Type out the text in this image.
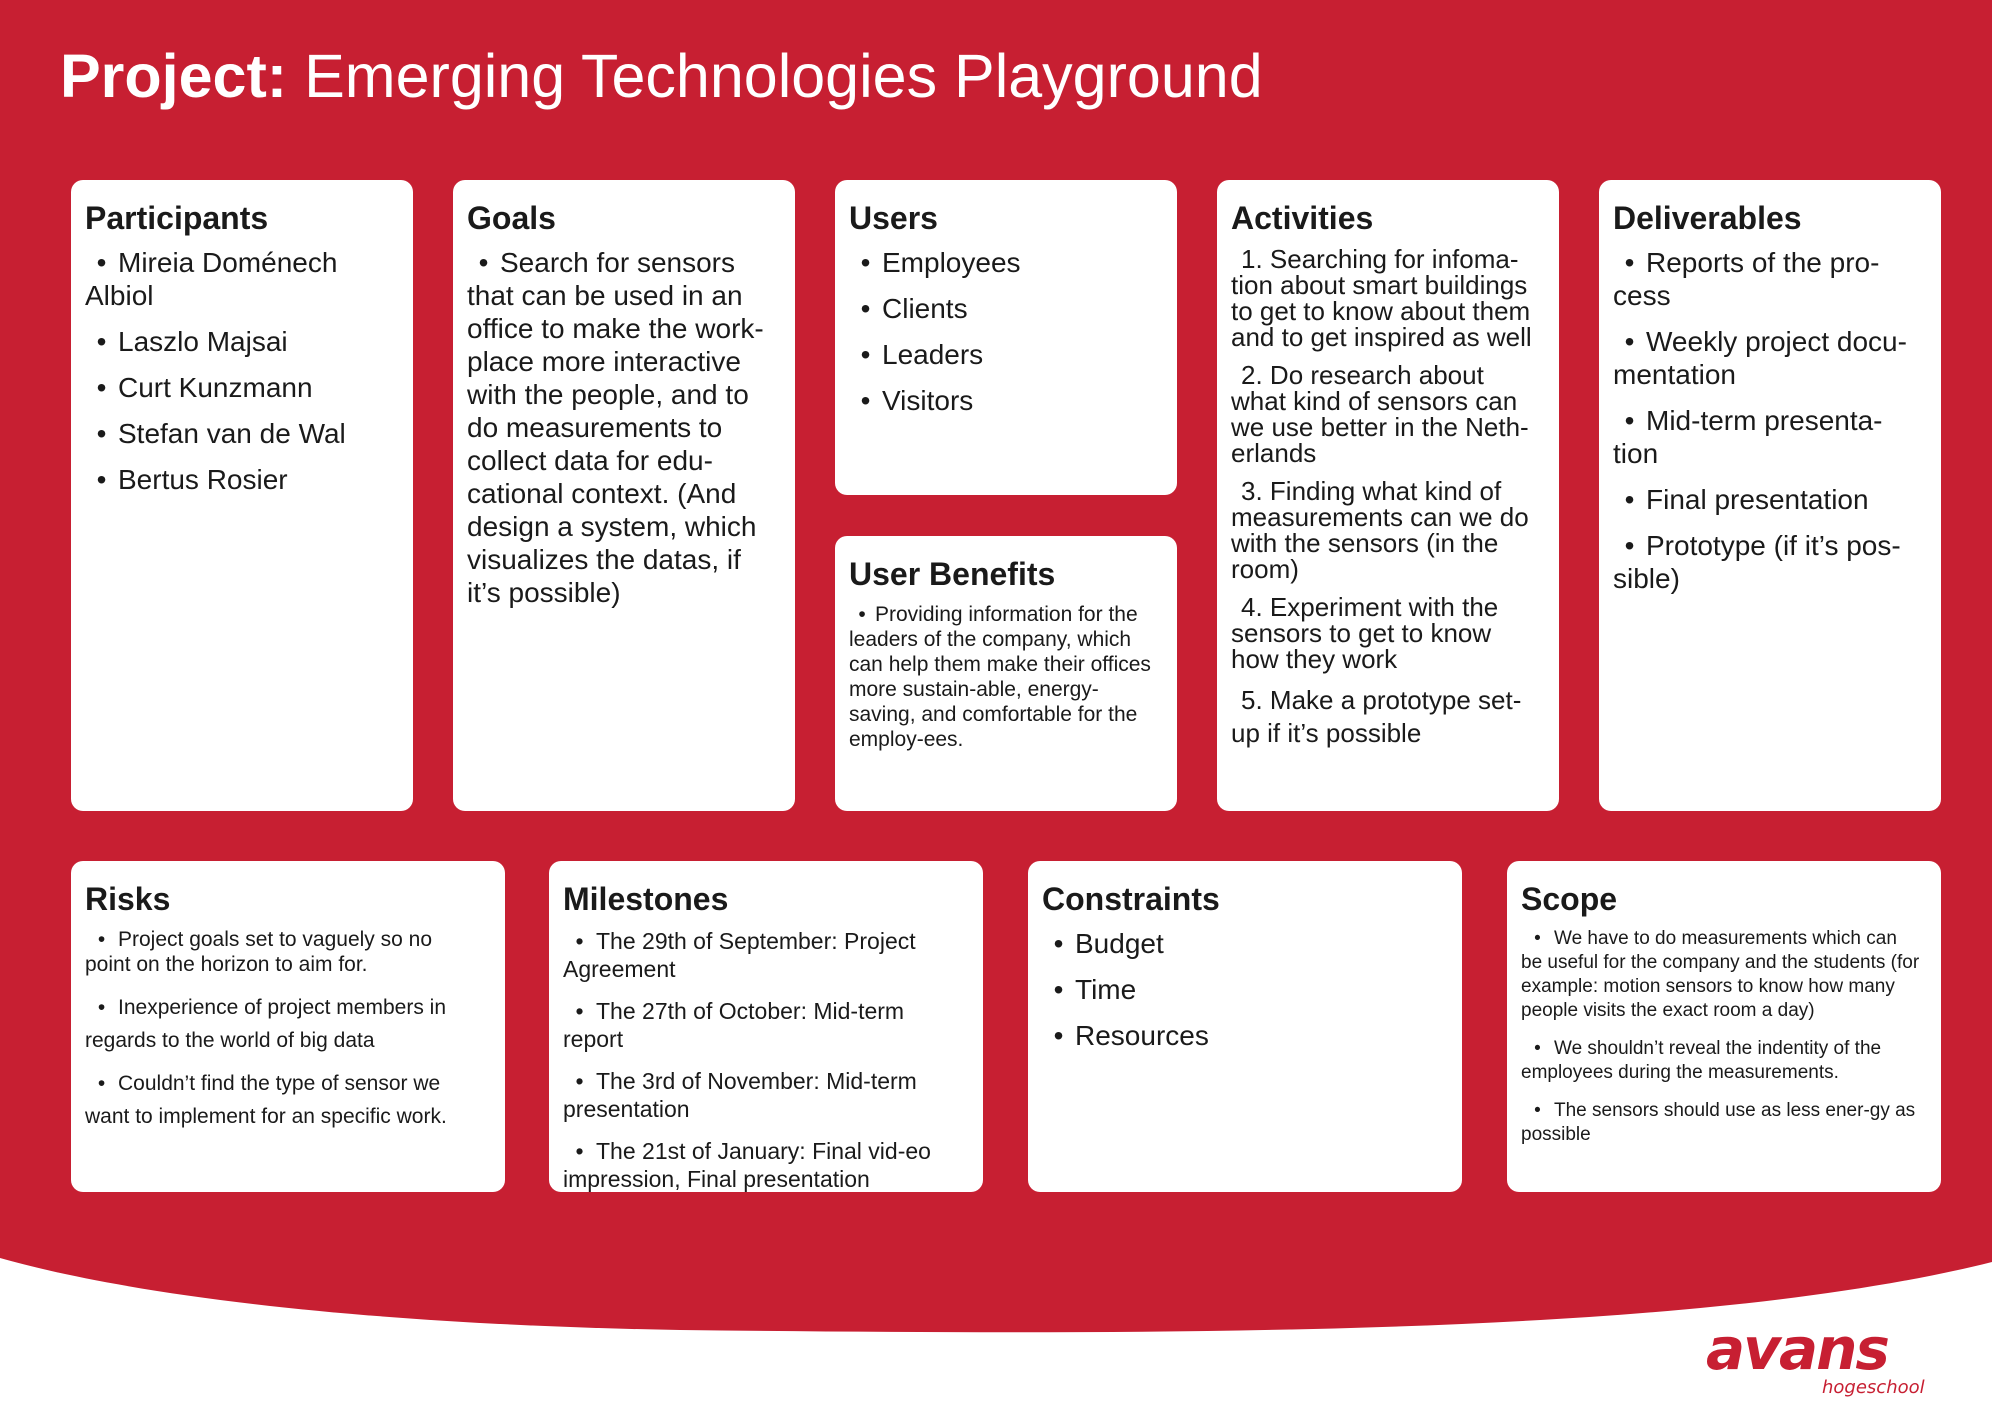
Project: Emerging Technologies Playground
Participants
• Mireia Doménech Albiol
• Laszlo Majsai
• Curt Kunzmann
• Stefan van de Wal
• Bertus Rosier
Goals
• Search for sensors that can be used in an office to make the work-place more interactive with the people, and to do measurements to collect data for edu-cational context. (And design a system, which visualizes the datas, if it’s possible)
Users
• Employees
• Clients
• Leaders
• Visitors
User Benefits
• Providing information for the leaders of the company, which can help them make their offices more sustain-able, energy-saving, and comfortable for the employ-ees.
Activities
1. Searching for infoma-tion about smart buildings to get to know about them and to get inspired as well
2. Do research about what kind of sensors can we use better in the Neth-erlands
3. Finding what kind of measurements can we do with the sensors (in the room)
4. Experiment with the sensors to get to know how they work
5. Make a prototype set-up if it’s possible
Deliverables
• Reports of the pro-cess
• Weekly project docu-mentation
• Mid-term presenta-tion
• Final presentation
• Prototype (if it’s pos-sible)
Risks
• Project goals set to vaguely so no point on the horizon to aim for.
• Inexperience of project members in regards to the world of big data
• Couldn’t find the type of sensor we want to implement for an specific work.
Milestones
• The 29th of September: Project Agreement
• The 27th of October: Mid-term report
• The 3rd of November: Mid-term presentation
• The 21st of January: Final vid-eo impression, Final presentation
Constraints
• Budget
• Time
• Resources
Scope
• We have to do measurements which can be useful for the company and the students (for example: motion sensors to know how many people visits the exact room a day)
• We shouldn’t reveal the indentity of the employees during the measurements.
• The sensors should use as less ener-gy as possible
avans
hogeschool
